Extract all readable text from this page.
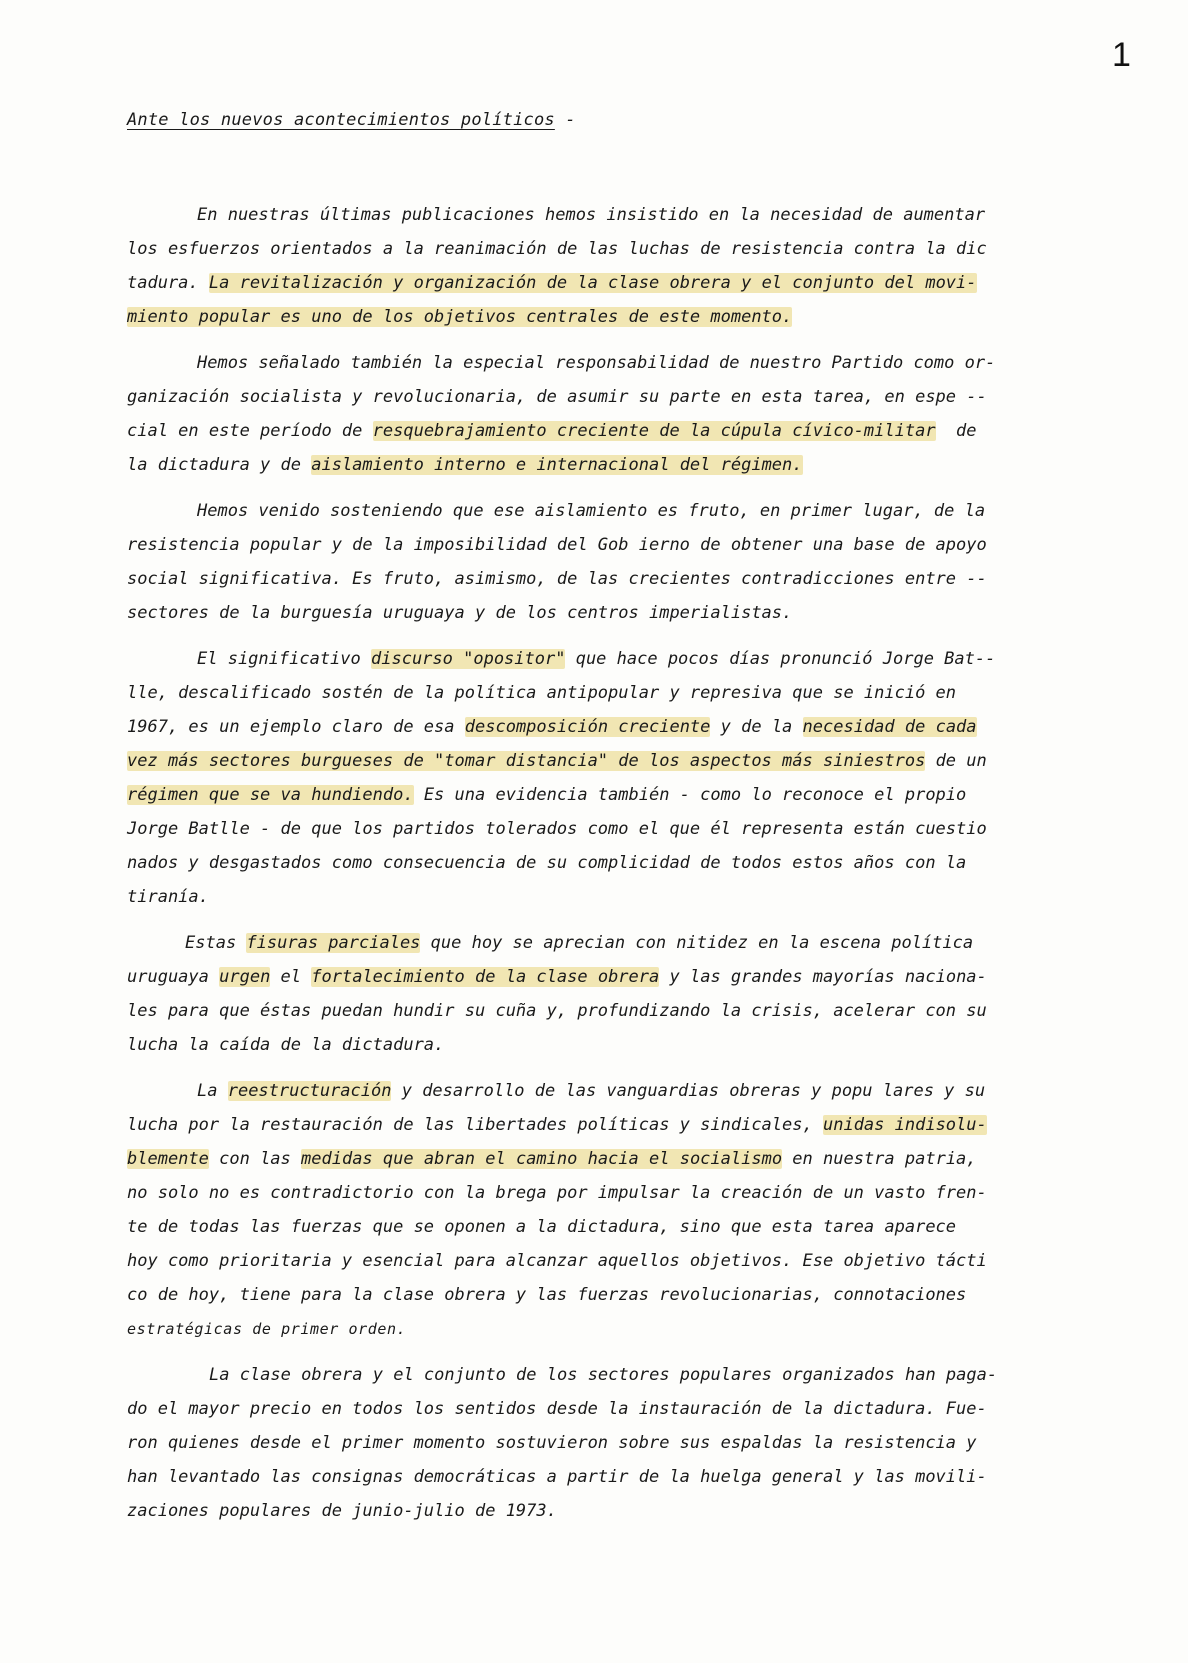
1
Ante los nuevos acontecimientos políticos -
En nuestras últimas publicaciones hemos insistido en la necesidad de aumentar
los esfuerzos orientados a la reanimación de las luchas de resistencia contra la dic
tadura. La revitalización y organización de la clase obrera y el conjunto del movi-
miento popular es uno de los objetivos centrales de este momento.
Hemos señalado también la especial responsabilidad de nuestro Partido como or-
ganización socialista y revolucionaria, de asumir su parte en esta tarea, en espe --
cial en este período de resquebrajamiento creciente de la cúpula cívico-militar  de
la dictadura y de aislamiento interno e internacional del régimen.
Hemos venido sosteniendo que ese aislamiento es fruto, en primer lugar, de la
resistencia popular y de la imposibilidad del Gob ierno de obtener una base de apoyo
social significativa. Es fruto, asimismo, de las crecientes contradicciones entre --
sectores de la burguesía uruguaya y de los centros imperialistas.
El significativo discurso "opositor" que hace pocos días pronunció Jorge Bat--
lle, descalificado sostén de la política antipopular y represiva que se inició en
1967, es un ejemplo claro de esa descomposición creciente y de la necesidad de cada
vez más sectores burgueses de "tomar distancia" de los aspectos más siniestros de un
régimen que se va hundiendo. Es una evidencia también - como lo reconoce el propio
Jorge Batlle - de que los partidos tolerados como el que él representa están cuestio
nados y desgastados como consecuencia de su complicidad de todos estos años con la
tiranía.
Estas fisuras parciales que hoy se aprecian con nitidez en la escena política
uruguaya urgen el fortalecimiento de la clase obrera y las grandes mayorías naciona-
les para que éstas puedan hundir su cuña y, profundizando la crisis, acelerar con su
lucha la caída de la dictadura.
La reestructuración y desarrollo de las vanguardias obreras y popu lares y su
lucha por la restauración de las libertades políticas y sindicales, unidas indisolu-
blemente con las medidas que abran el camino hacia el socialismo en nuestra patria,
no solo no es contradictorio con la brega por impulsar la creación de un vasto fren-
te de todas las fuerzas que se oponen a la dictadura, sino que esta tarea aparece
hoy como prioritaria y esencial para alcanzar aquellos objetivos. Ese objetivo tácti
co de hoy, tiene para la clase obrera y las fuerzas revolucionarias, connotaciones
estratégicas de primer orden.
La clase obrera y el conjunto de los sectores populares organizados han paga-
do el mayor precio en todos los sentidos desde la instauración de la dictadura. Fue-
ron quienes desde el primer momento sostuvieron sobre sus espaldas la resistencia y
han levantado las consignas democráticas a partir de la huelga general y las movili-
zaciones populares de junio-julio de 1973.
